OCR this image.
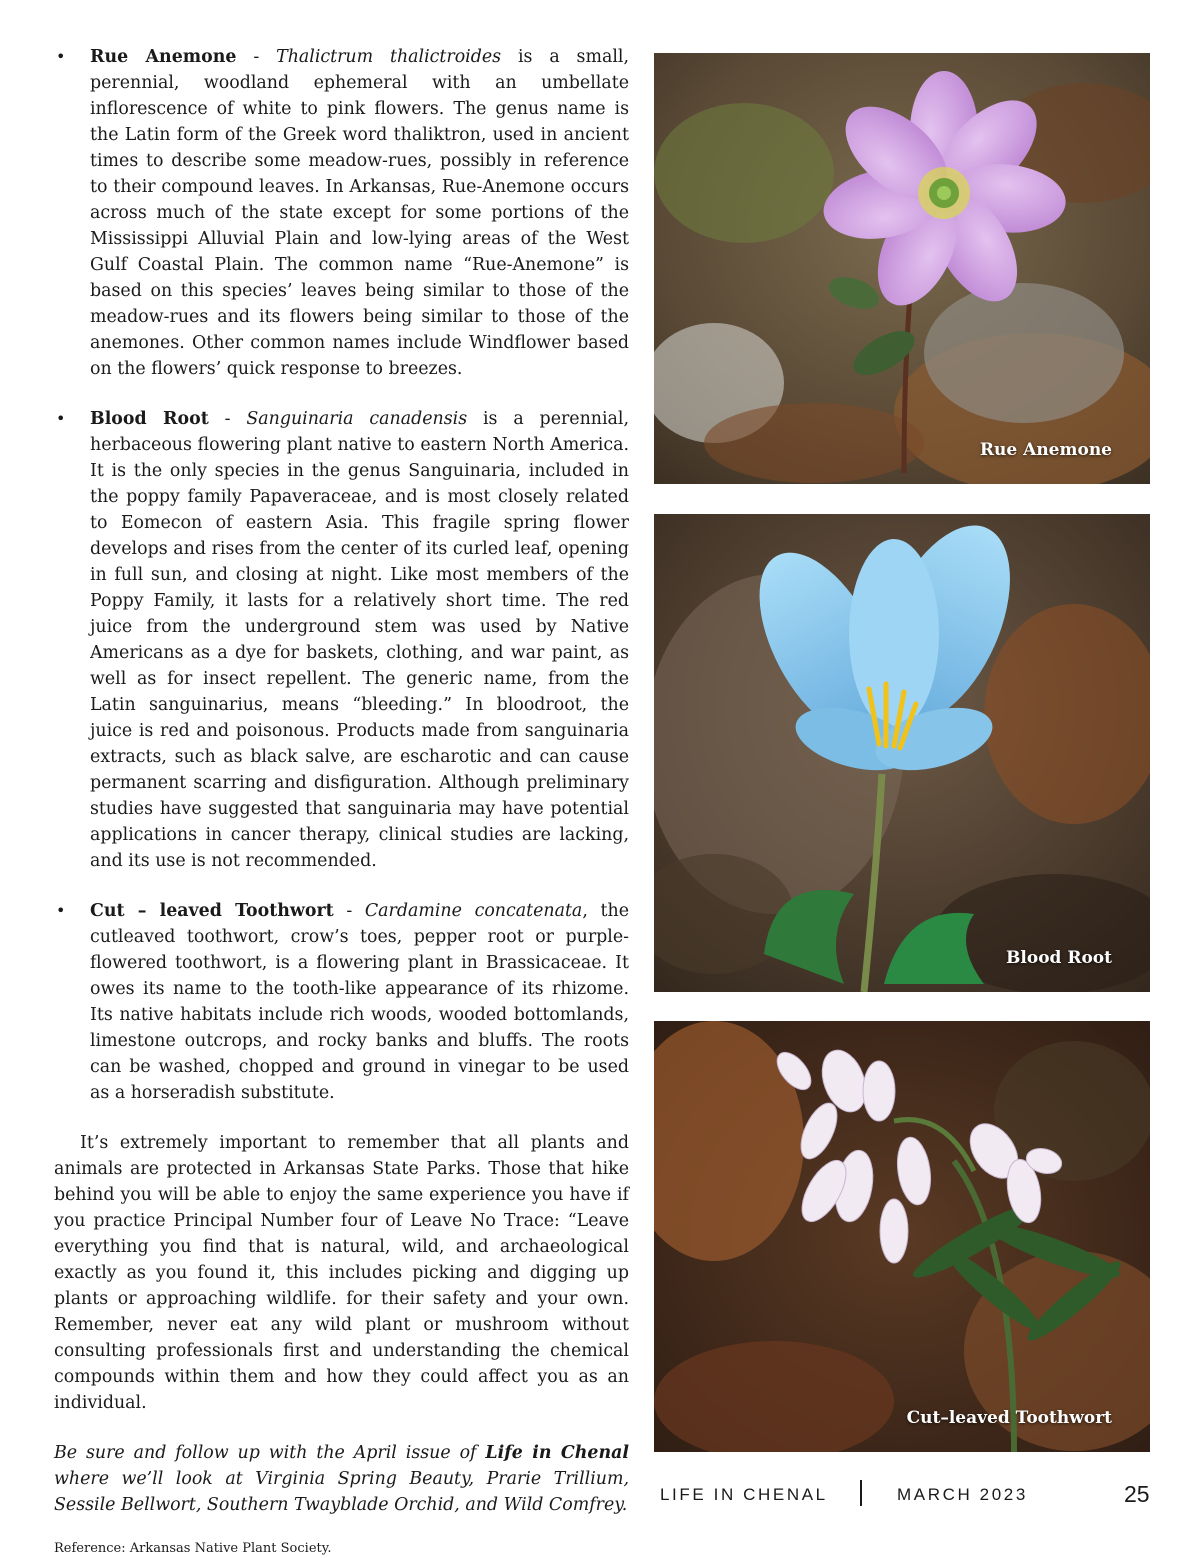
• Rue Anemone - Thalictrum thalictroides is a small, perennial, woodland ephemeral with an umbellate inflorescence of white to pink flowers. The genus name is the Latin form of the Greek word thaliktron, used in ancient times to describe some meadow-rues, possibly in reference to their compound leaves. In Arkansas, Rue-Anemone occurs across much of the state except for some portions of the Mississippi Alluvial Plain and low-lying areas of the West Gulf Coastal Plain. The common name “Rue-Anemone” is based on this species’ leaves being similar to those of the meadow-rues and its flowers being similar to those of the anemones. Other common names include Windflower based on the flowers’ quick response to breezes.
• Blood Root - Sanguinaria canadensis is a perennial, herbaceous flowering plant native to eastern North America. It is the only species in the genus Sanguinaria, included in the poppy family Papaveraceae, and is most closely related to Eomecon of eastern Asia. This fragile spring flower develops and rises from the center of its curled leaf, opening in full sun, and closing at night. Like most members of the Poppy Family, it lasts for a relatively short time. The red juice from the underground stem was used by Native Americans as a dye for baskets, clothing, and war paint, as well as for insect repellent. The generic name, from the Latin sanguinarius, means “bleeding.” In bloodroot, the juice is red and poisonous. Products made from sanguinaria extracts, such as black salve, are escharotic and can cause permanent scarring and disfiguration. Although preliminary studies have suggested that sanguinaria may have potential applications in cancer therapy, clinical studies are lacking, and its use is not recommended.
• Cut – leaved Toothwort - Cardamine concatenata, the cutleaved toothwort, crow’s toes, pepper root or purple-flowered toothwort, is a flowering plant in Brassicaceae. It owes its name to the tooth-like appearance of its rhizome. Its native habitats include rich woods, wooded bottomlands, limestone outcrops, and rocky banks and bluffs. The roots can be washed, chopped and ground in vinegar to be used as a horseradish substitute.

It’s extremely important to remember that all plants and animals are protected in Arkansas State Parks. Those that hike behind you will be able to enjoy the same experience you have if you practice Principal Number four of Leave No Trace: “Leave everything you find that is natural, wild, and archaeological exactly as you found it, this includes picking and digging up plants or approaching wildlife. for their safety and your own. Remember, never eat any wild plant or mushroom without consulting professionals first and understanding the chemical compounds within them and how they could affect you as an individual.

Be sure and follow up with the April issue of Life in Chenal where we’ll look at Virginia Spring Beauty, Prarie Trillium, Sessile Bellwort, Southern Twayblade Orchid, and Wild Comfrey.

Reference: Arkansas Native Plant Society.

Rue Anemone
Blood Root
Cut–leaved Toothwort
LIFE IN CHENAL	MARCH 2023	25
